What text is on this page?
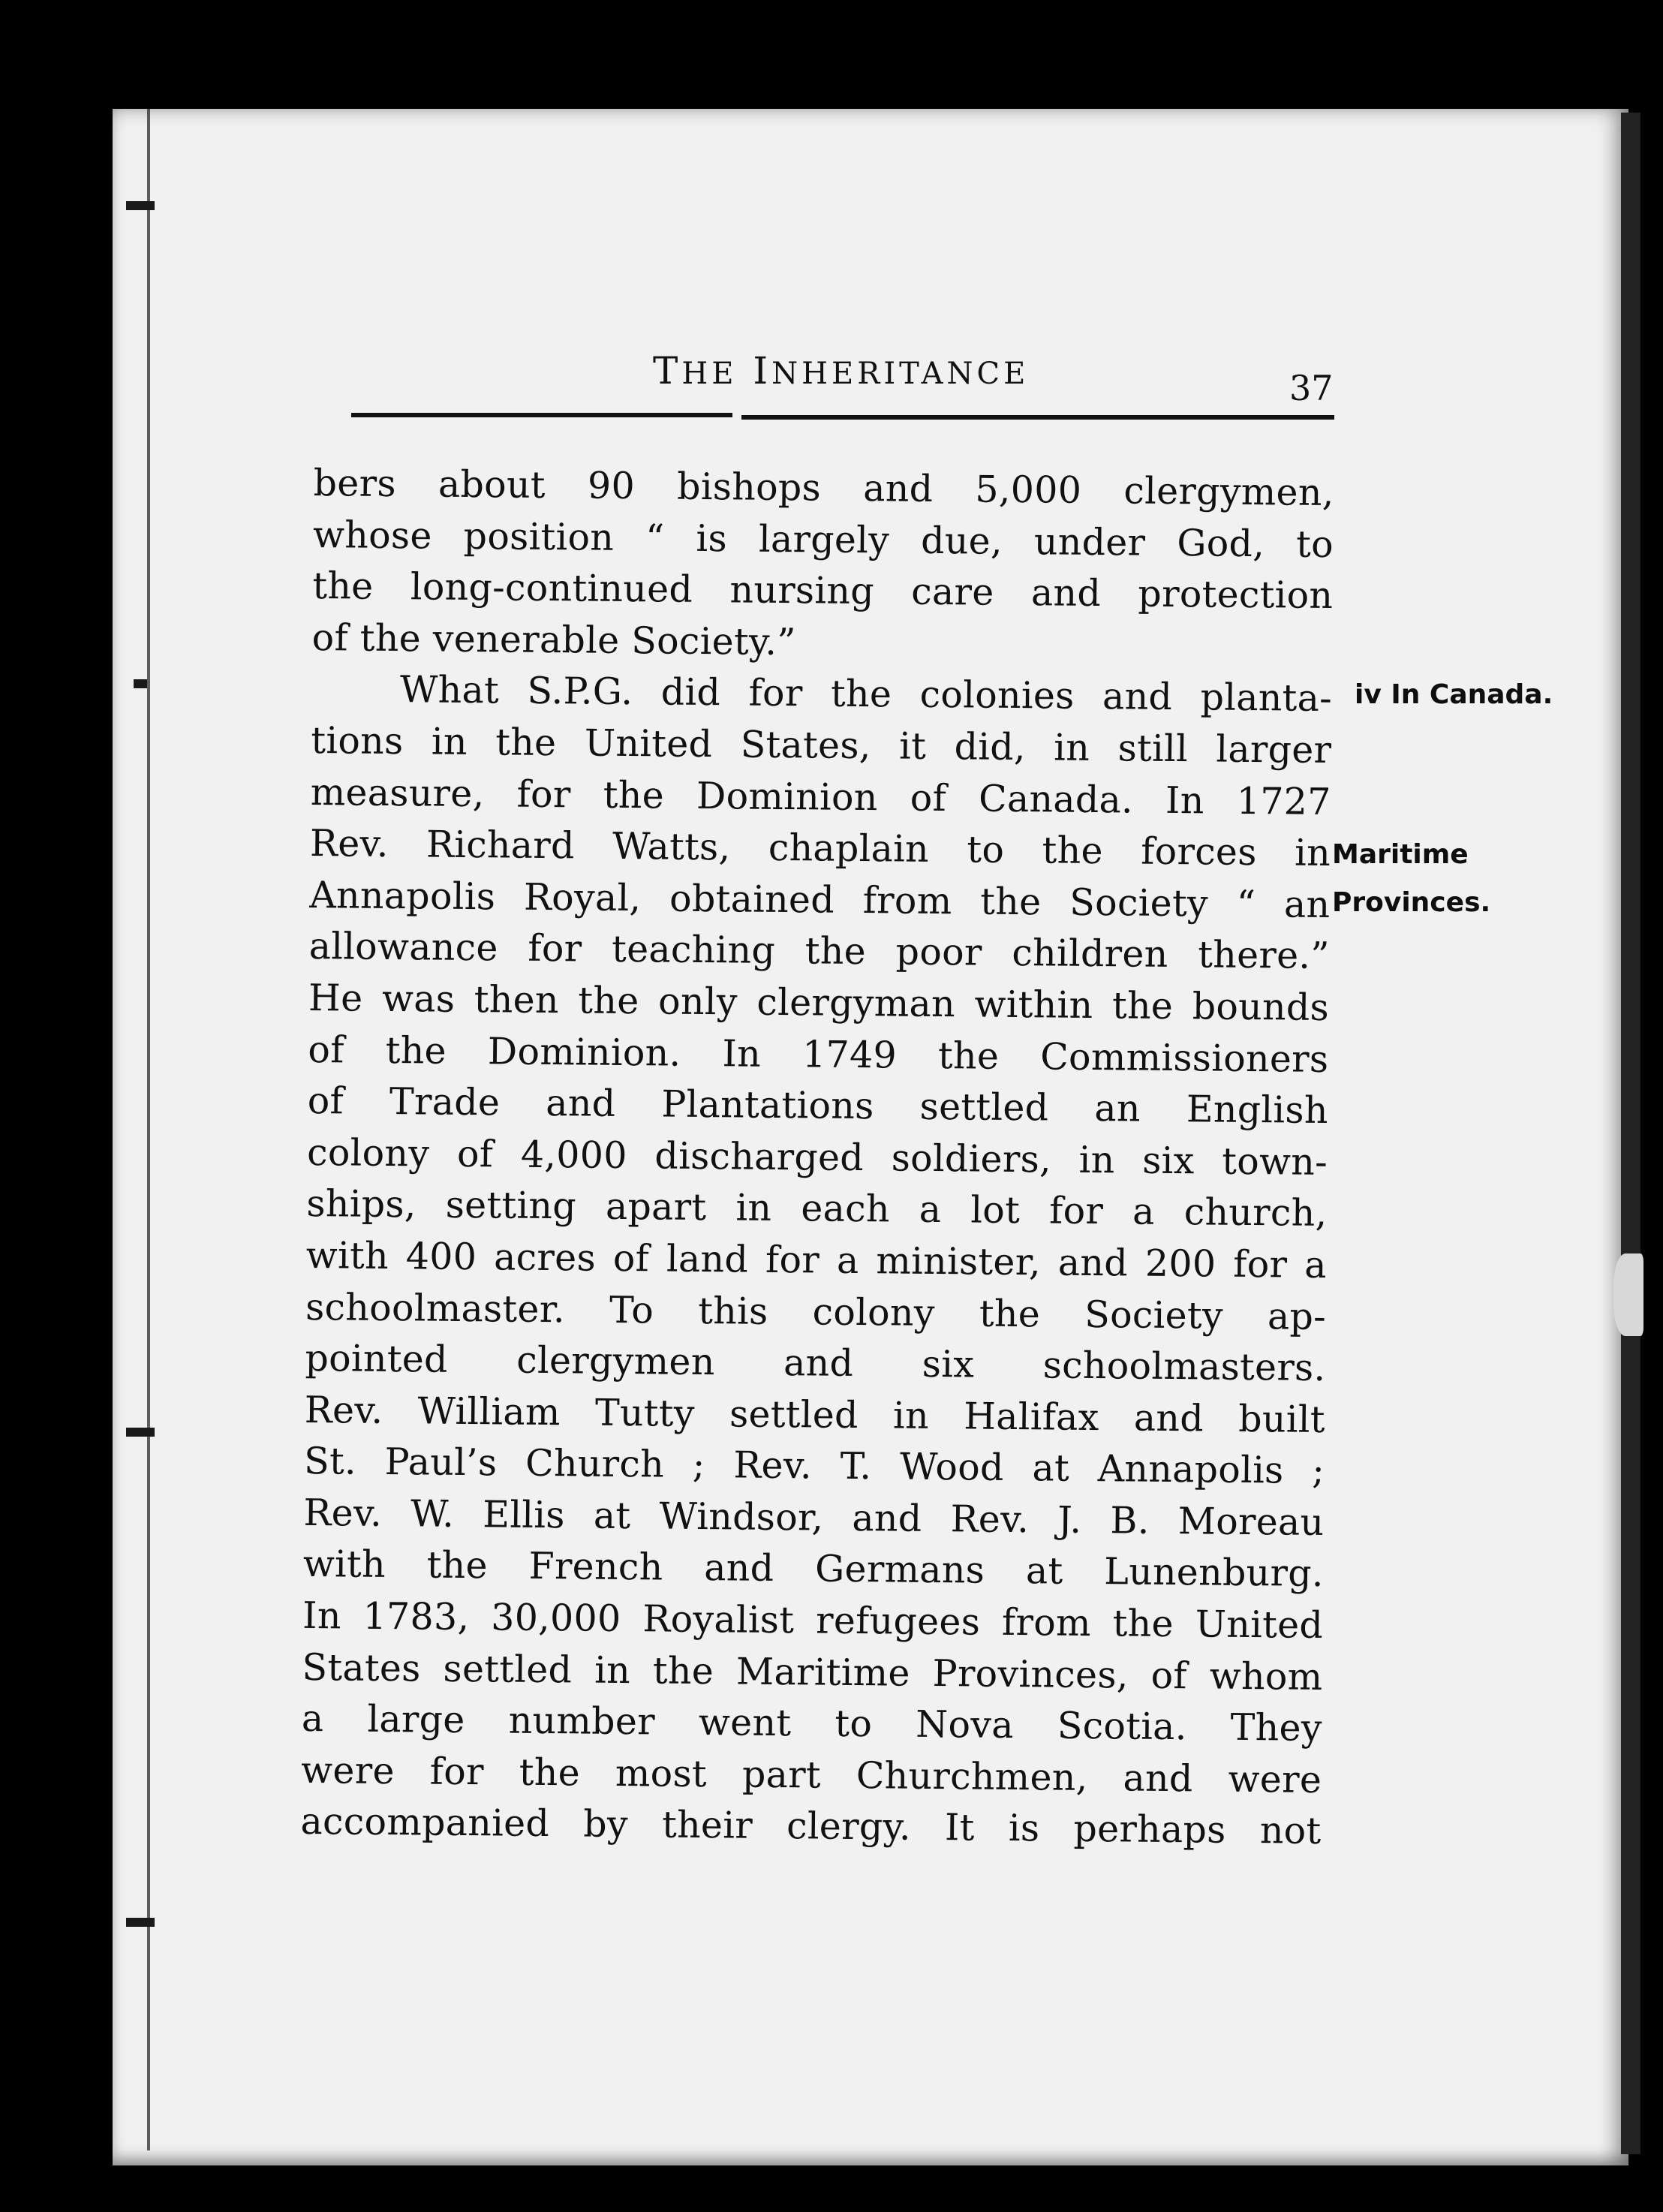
THE INHERITANCE	37
bers about 90 bishops and 5,000 clergymen,
whose position “ is largely due, under God, to
the long-continued nursing care and protection
of the venerable Society.”
What S.P.G. did for the colonies and planta-
tions in the United States, it did, in still larger
measure, for the Dominion of Canada. In 1727
Rev. Richard Watts, chaplain to the forces in
Annapolis Royal, obtained from the Society “ an
allowance for teaching the poor children there.”
He was then the only clergyman within the bounds
of the Dominion. In 1749 the Commissioners
of Trade and Plantations settled an English
colony of 4,000 discharged soldiers, in six town-
ships, setting apart in each a lot for a church,
with 400 acres of land for a minister, and 200 for a
schoolmaster. To this colony the Society ap-
pointed clergymen and six schoolmasters.
Rev. William Tutty settled in Halifax and built
St. Paul’s Church ; Rev. T. Wood at Annapolis ;
Rev. W. Ellis at Windsor, and Rev. J. B. Moreau
with the French and Germans at Lunenburg.
In 1783, 30,000 Royalist refugees from the United
States settled in the Maritime Provinces, of whom
a large number went to Nova Scotia. They
were for the most part Churchmen, and were
accompanied by their clergy. It is perhaps not
iv In Canada.
Maritime
Provinces.
